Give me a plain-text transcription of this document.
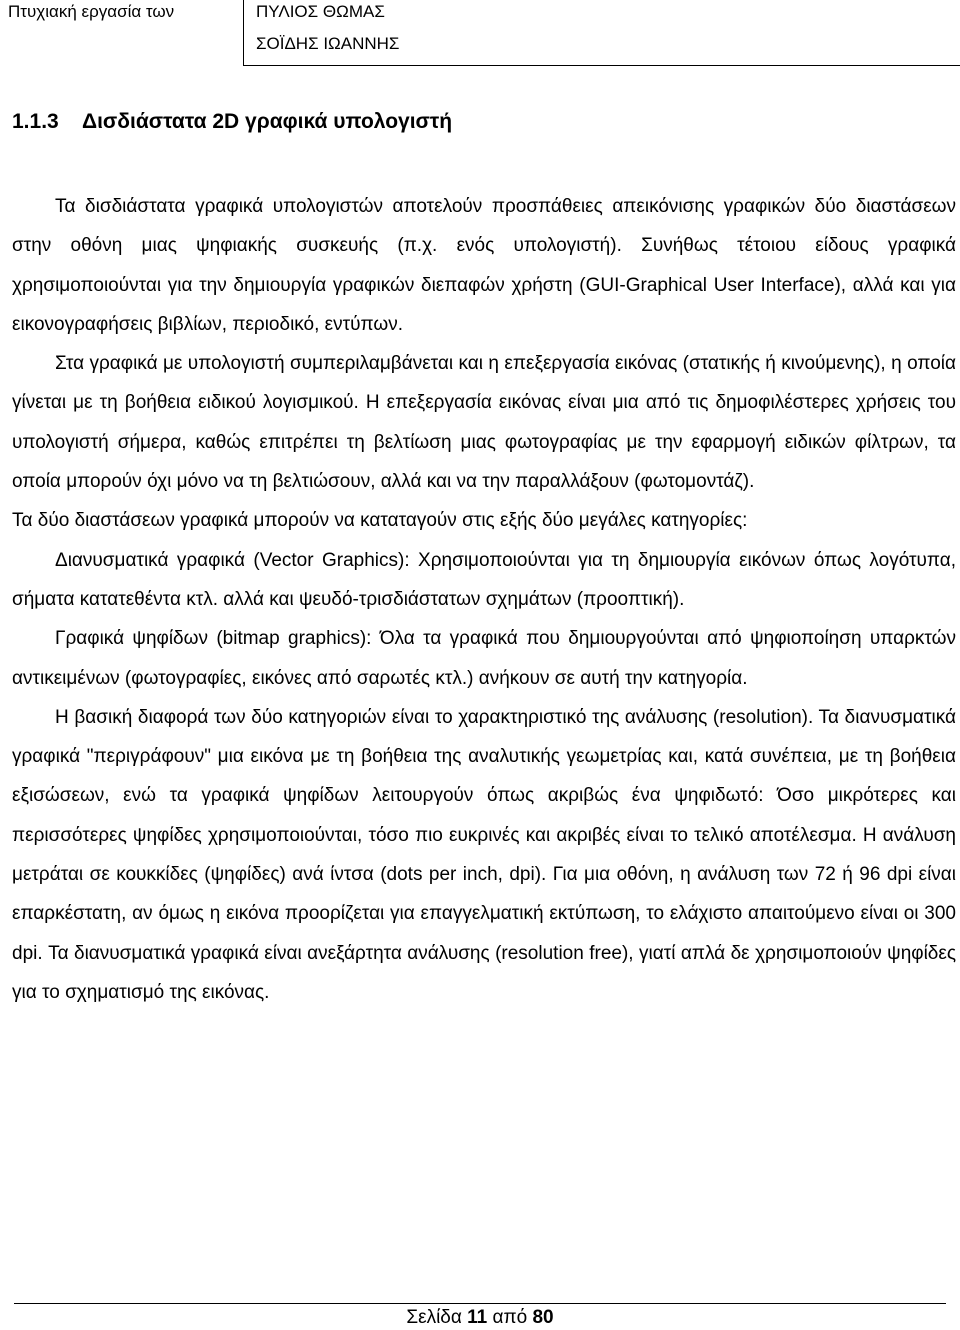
Πτυχιακή εργασία των	ΠΥΛΙΟΣ ΘΩΜΑΣ
ΣΟΪΔΗΣ ΙΩΑΝΝΗΣ
1.1.3 Δισδιάστατα 2D γραφικά υπολογιστή

Τα δισδιάστατα γραφικά υπολογιστών αποτελούν προσπάθειες απεικόνισης γραφικών δύο διαστάσεων στην οθόνη μιας ψηφιακής συσκευής (π.χ. ενός υπολογιστή). Συνήθως τέτοιου είδους γραφικά χρησιμοποιούνται για την δημιουργία γραφικών διεπαφών χρήστη (GUI-Graphical User Interface), αλλά και για εικονογραφήσεις βιβλίων, περιοδικό, εντύπων.

Στα γραφικά με υπολογιστή συμπεριλαμβάνεται και η επεξεργασία εικόνας (στατικής ή κινούμενης), η οποία γίνεται με τη βοήθεια ειδικού λογισμικού. Η επεξεργασία εικόνας είναι μια από τις δημοφιλέστερες χρήσεις του υπολογιστή σήμερα, καθώς επιτρέπει τη βελτίωση μιας φωτογραφίας με την εφαρμογή ειδικών φίλτρων, τα οποία μπορούν όχι μόνο να τη βελτιώσουν, αλλά και να την παραλλάξουν (φωτομοντάζ).

Τα δύο διαστάσεων γραφικά μπορούν να καταταγούν στις εξής δύο μεγάλες κατηγορίες:

Διανυσματικά γραφικά (Vector Graphics): Χρησιμοποιούνται για τη δημιουργία εικόνων όπως λογότυπα, σήματα κατατεθέντα κτλ. αλλά και ψευδό-τρισδιάστατων σχημάτων (προοπτική).

Γραφικά ψηφίδων (bitmap graphics): Όλα τα γραφικά που δημιουργούνται από ψηφιοποίηση υπαρκτών αντικειμένων (φωτογραφίες, εικόνες από σαρωτές κτλ.) ανήκουν σε αυτή την κατηγορία.

Η βασική διαφορά των δύο κατηγοριών είναι το χαρακτηριστικό της ανάλυσης (resolution). Τα διανυσματικά γραφικά "περιγράφουν" μια εικόνα με τη βοήθεια της αναλυτικής γεωμετρίας και, κατά συνέπεια, με τη βοήθεια εξισώσεων, ενώ τα γραφικά ψηφίδων λειτουργούν όπως ακριβώς ένα ψηφιδωτό: Όσο μικρότερες και περισσότερες ψηφίδες χρησιμοποιούνται, τόσο πιο ευκρινές και ακριβές είναι το τελικό αποτέλεσμα. Η ανάλυση μετράται σε κουκκίδες (ψηφίδες) ανά ίντσα (dots per inch, dpi). Για μια οθόνη, η ανάλυση των 72 ή 96 dpi είναι επαρκέστατη, αν όμως η εικόνα προορίζεται για επαγγελματική εκτύπωση, το ελάχιστο απαιτούμενο είναι οι 300 dpi. Τα διανυσματικά γραφικά είναι ανεξάρτητα ανάλυσης (resolution free), γιατί απλά δε χρησιμοποιούν ψηφίδες για το σχηματισμό της εικόνας.

Σελίδα 11 από 80
